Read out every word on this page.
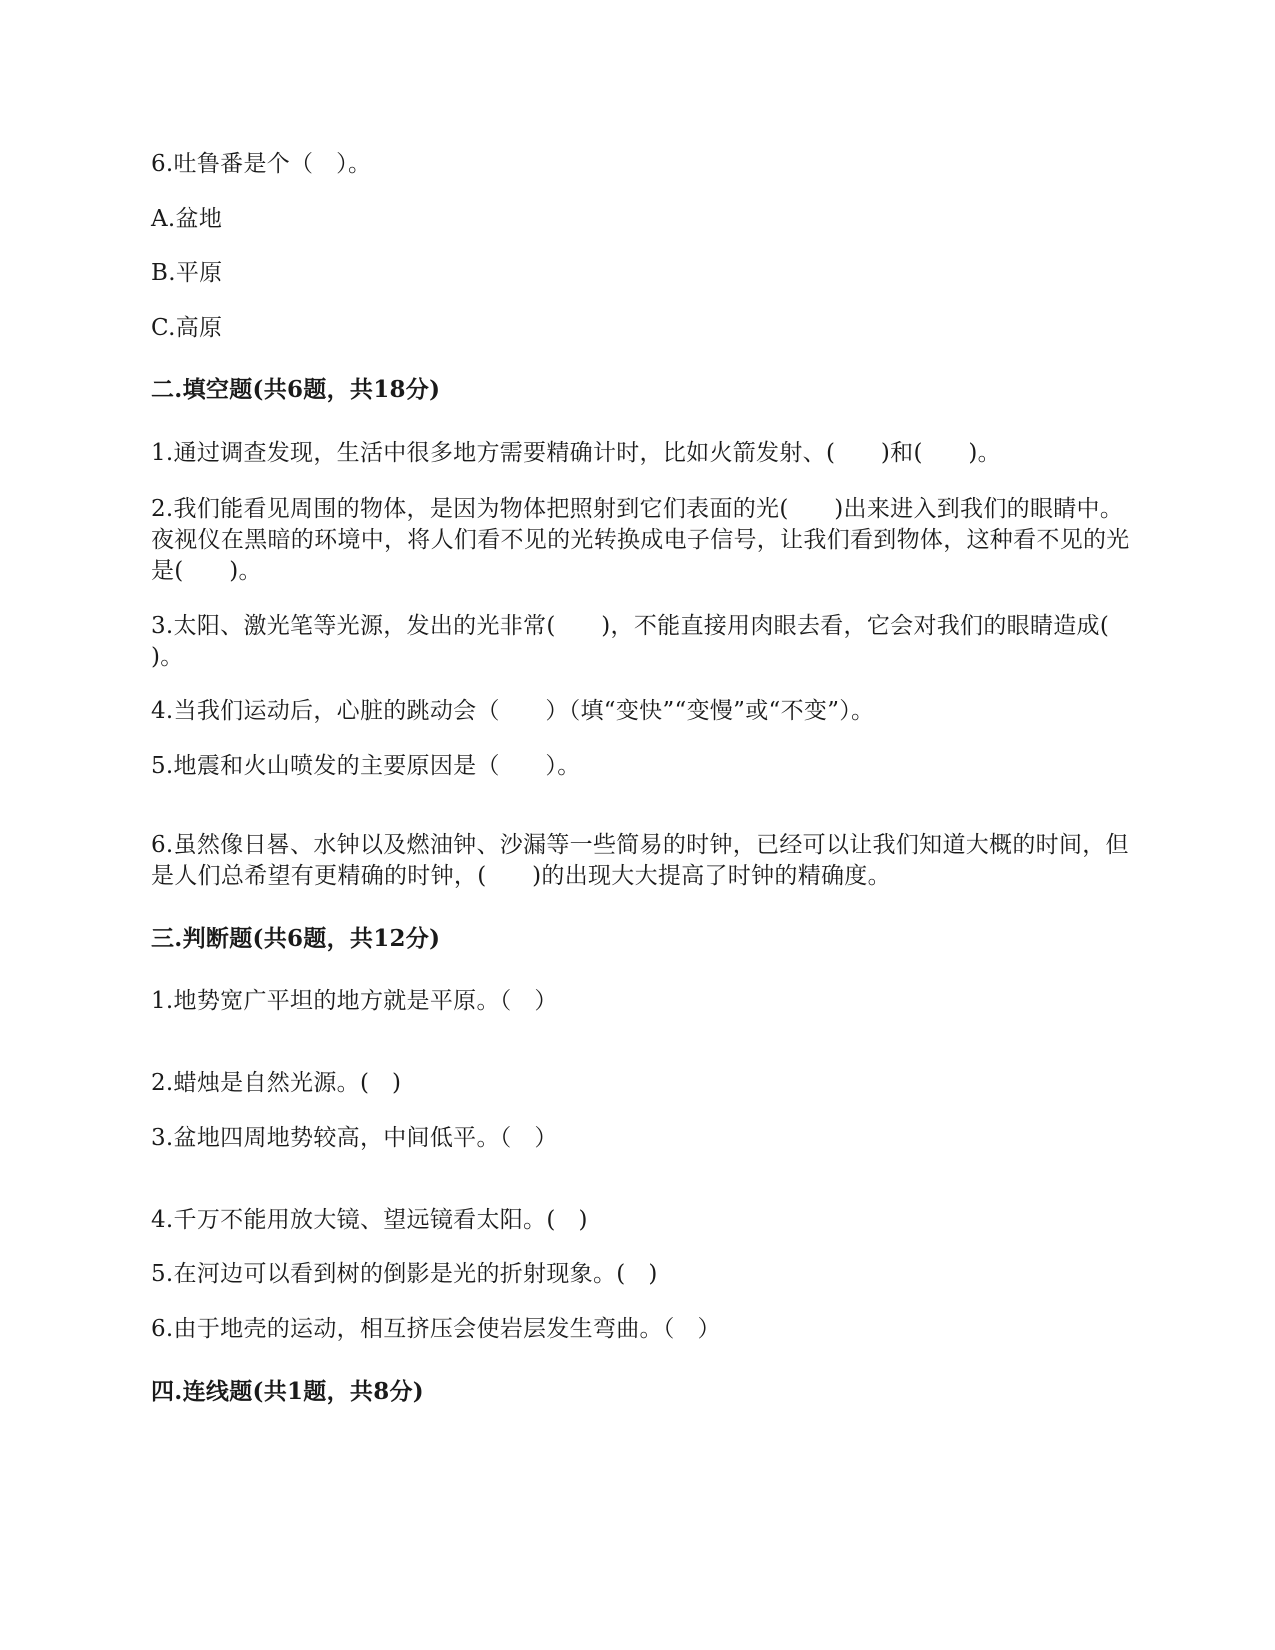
6.吐鲁番是个（   ）。
A.盆地
B.平原
C.高原
二.填空题(共6题，共18分)
1.通过调查发现，生活中很多地方需要精确计时，比如火箭发射、(      )和(      )。
2.我们能看见周围的物体，是因为物体把照射到它们表面的光(      )出来进入到我们的眼睛中。夜视仪在黑暗的环境中，将人们看不见的光转换成电子信号，让我们看到物体，这种看不见的光是(      )。
3.太阳、激光笔等光源，发出的光非常(      )，不能直接用肉眼去看，它会对我们的眼睛造成(      )。
4.当我们运动后，心脏的跳动会（      ）（填“变快”“变慢”或“不变”）。
5.地震和火山喷发的主要原因是（      ）。
6.虽然像日晷、水钟以及燃油钟、沙漏等一些简易的时钟，已经可以让我们知道大概的时间，但是人们总希望有更精确的时钟，(      )的出现大大提高了时钟的精确度。
三.判断题(共6题，共12分)
1.地势宽广平坦的地方就是平原。（   ）
2.蜡烛是自然光源。(   )
3.盆地四周地势较高，中间低平。（   ）
4.千万不能用放大镜、望远镜看太阳。(   )
5.在河边可以看到树的倒影是光的折射现象。(   )
6.由于地壳的运动，相互挤压会使岩层发生弯曲。（   ）
四.连线题(共1题，共8分)
